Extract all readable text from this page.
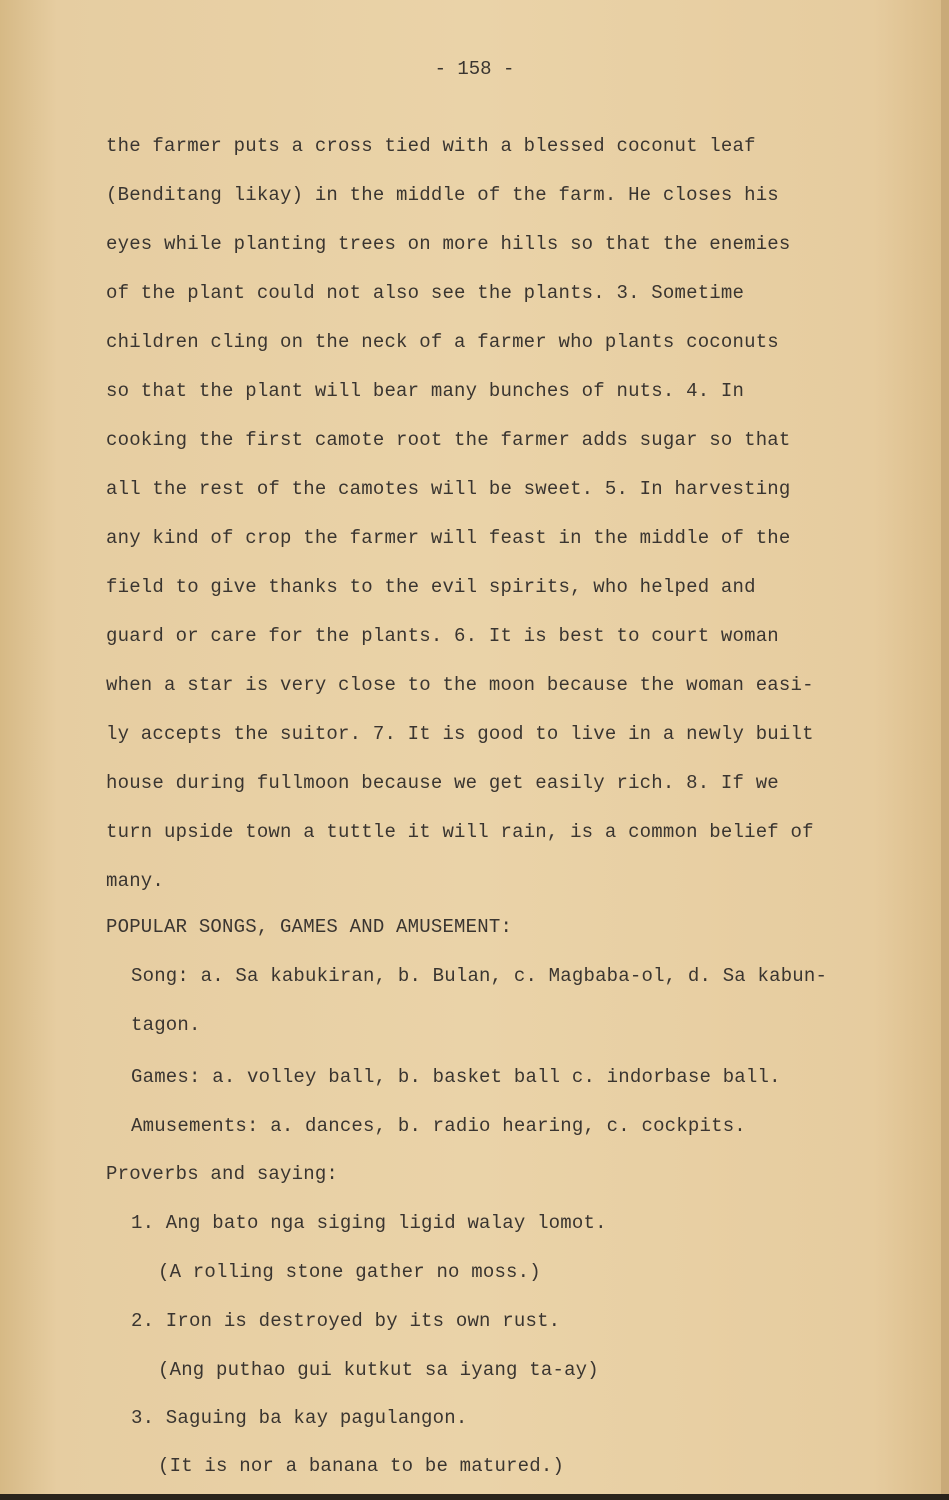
- 158 -
the farmer puts a cross tied with a blessed coconut leaf
(Benditang likay) in the middle of the farm. He closes his
eyes while planting trees on more hills so that the enemies
of the plant could not also see the plants. 3. Sometime
children cling on the neck of a farmer who plants coconuts
so that the plant will bear many bunches of nuts. 4. In
cooking the first camote root the farmer adds sugar so that
all the rest of the camotes will be sweet. 5. In harvesting
any kind of crop the farmer will feast in the middle of the
field to give thanks to the evil spirits, who helped and
guard or care for the plants. 6. It is best to court woman
when a star is very close to the moon because the woman easi-
ly accepts the suitor. 7. It is good to live in a newly built
house during fullmoon because we get easily rich. 8. If we
turn upside town a tuttle it will rain, is a common belief of
many.
POPULAR SONGS, GAMES AND AMUSEMENT:
Song: a. Sa kabukiran, b. Bulan, c. Magbaba-ol, d. Sa kabun-
tagon.
Games: a. volley ball, b. basket ball c. indorbase ball.
Amusements: a. dances, b. radio hearing, c. cockpits.
Proverbs and saying:
1. Ang bato nga siging ligid walay lomot.
(A rolling stone gather no moss.)
2. Iron is destroyed by its own rust.
(Ang puthao gui kutkut sa iyang ta-ay)
3. Saguing ba kay pagulangon.
(It is nor a banana to be matured.)
